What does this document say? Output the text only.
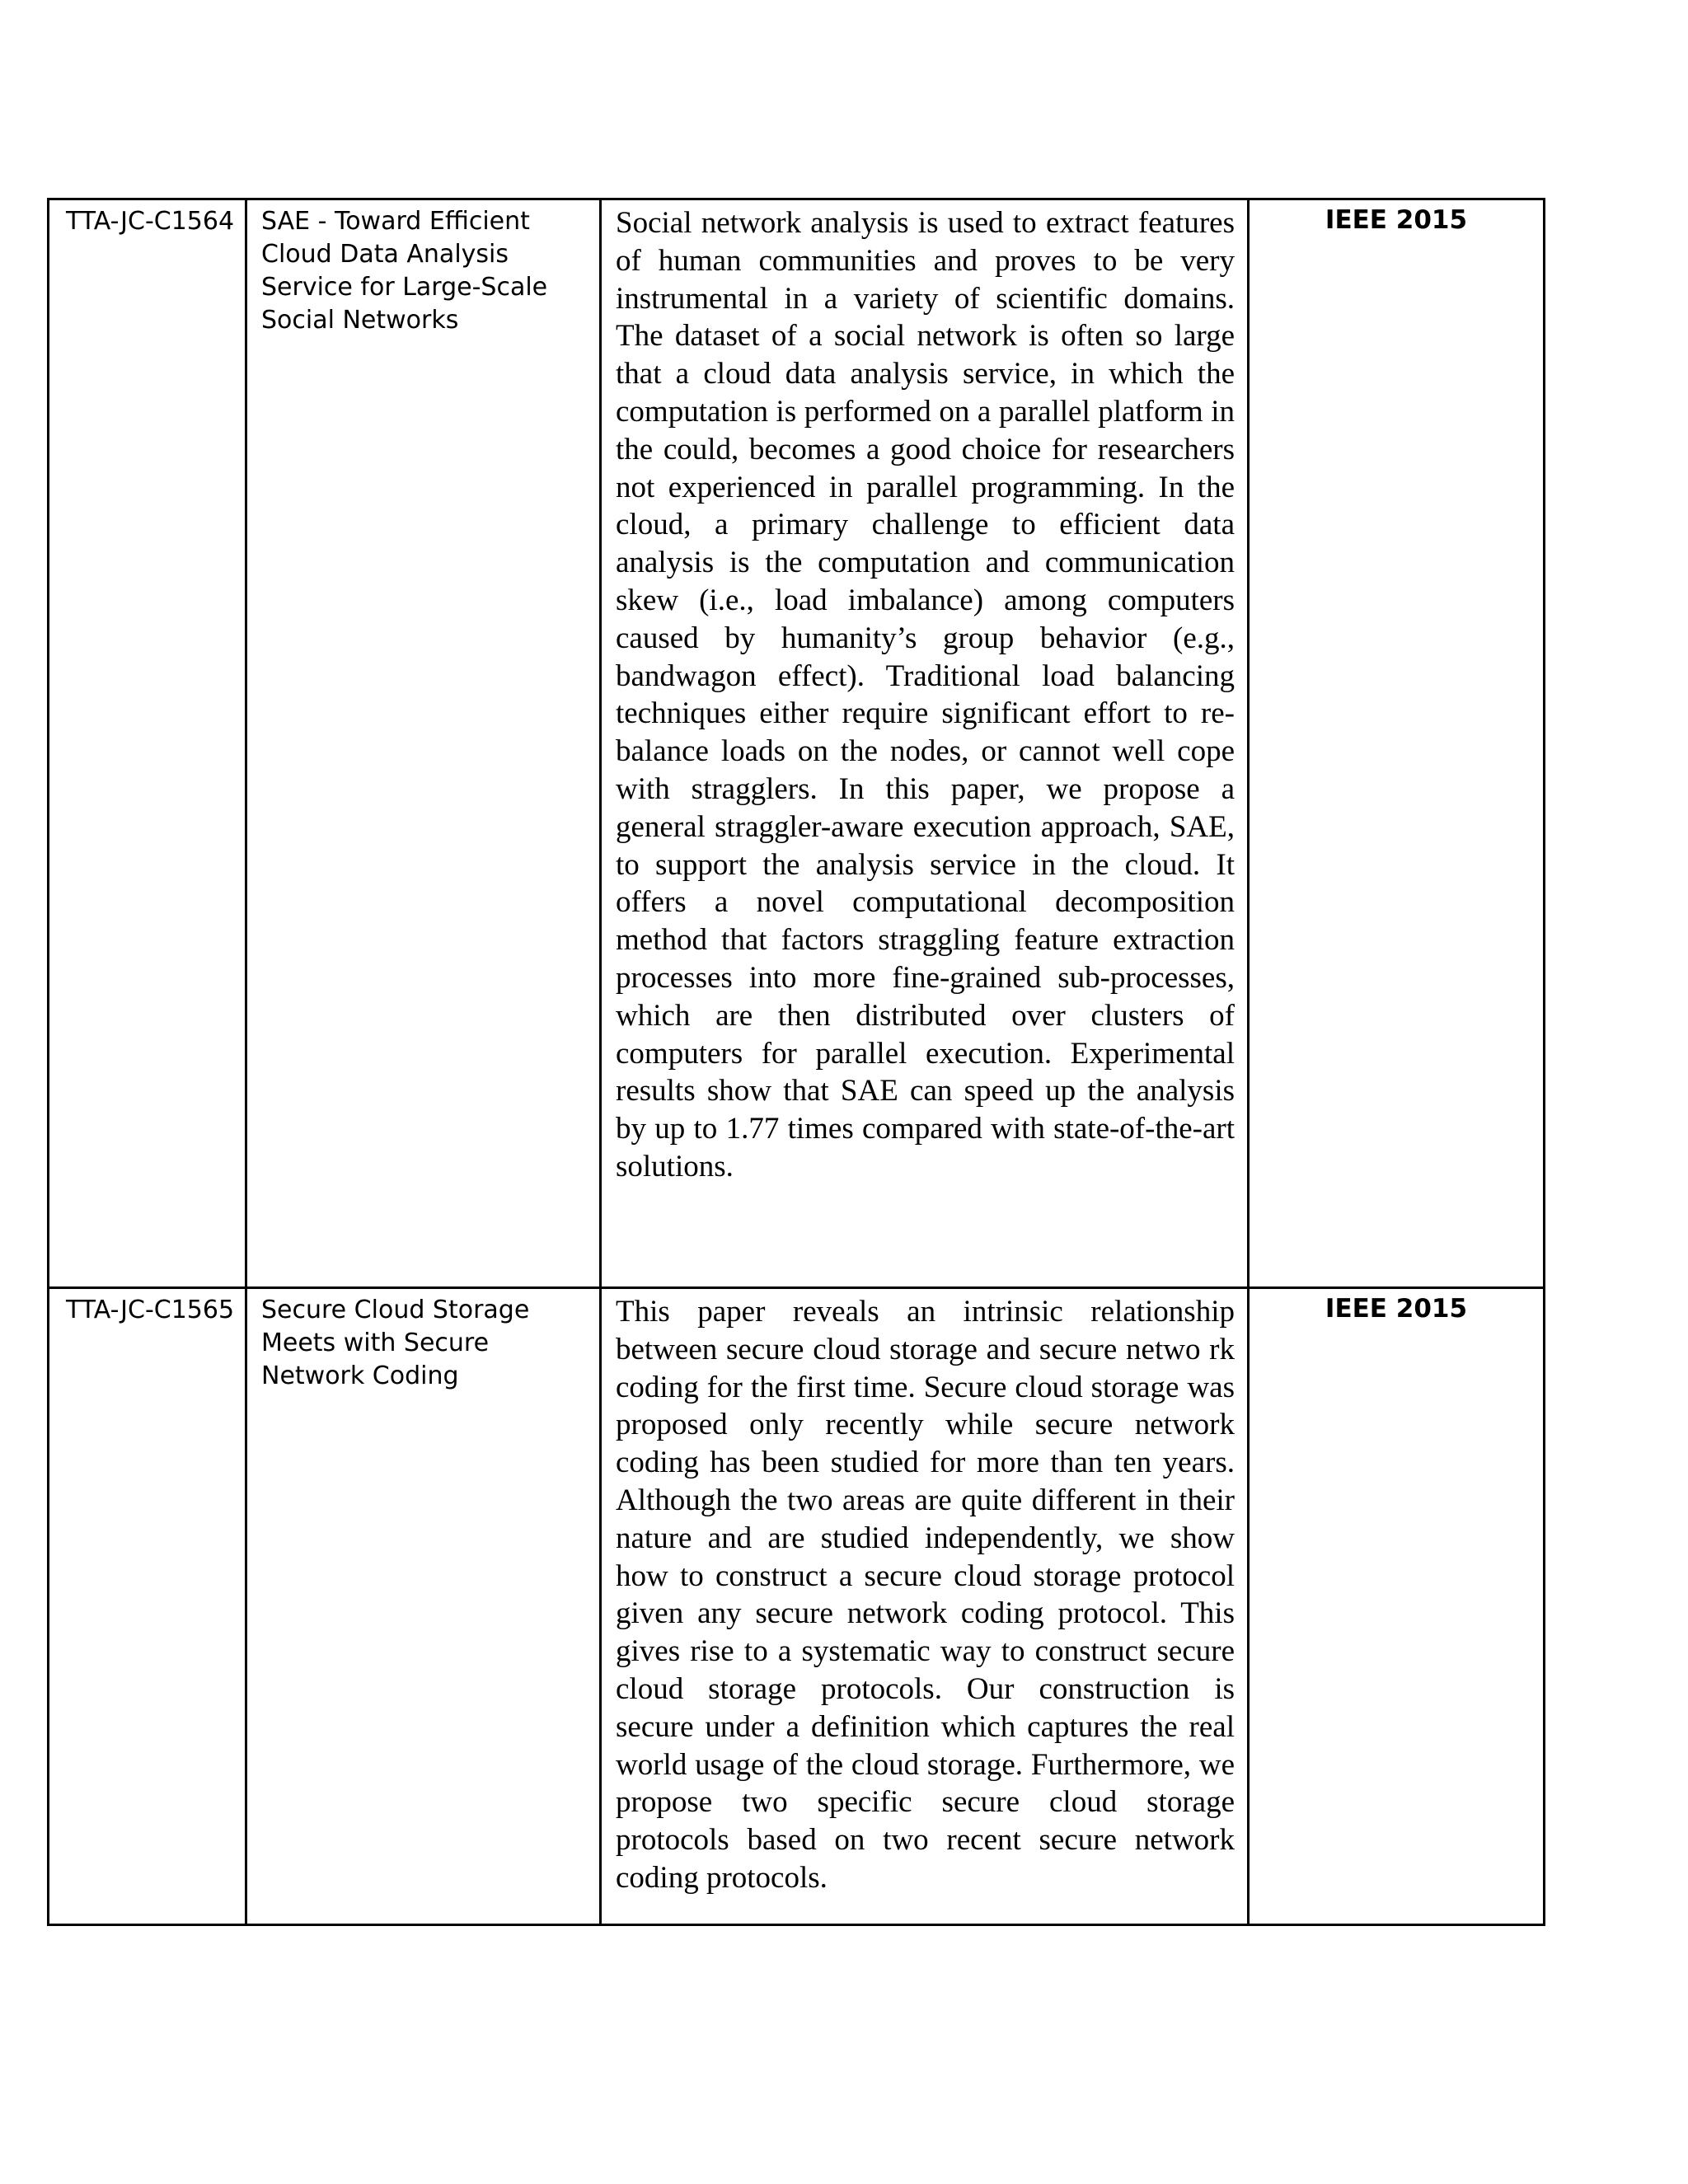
TTA-JC-C1564	SAE - Toward Efficient Cloud Data Analysis Service for Large-Scale Social Networks	Social network analysis is used to extract features of human communities and proves to be very instrumental in a variety of scientific domains. The dataset of a social network is often so large that a cloud data analysis service, in which the computation is performed on a parallel platform in the could, becomes a good choice for researchers not experienced in parallel programming. In the cloud, a primary challenge to efficient data analysis is the computation and communication skew (i.e., load imbalance) among computers caused by humanity’s group behavior (e.g., bandwagon effect). Traditional load balancing techniques either require significant effort to re-balance loads on the nodes, or cannot well cope with stragglers. In this paper, we propose a general straggler-aware execution approach, SAE, to support the analysis service in the cloud. It offers a novel computational decomposition method that factors straggling feature extraction processes into more fine-grained sub-processes, which are then distributed over clusters of computers for parallel execution. Experimental results show that SAE can speed up the analysis by up to 1.77 times compared with state-of-the-art solutions.	IEEE 2015

TTA-JC-C1565	Secure Cloud Storage Meets with Secure Network Coding	This paper reveals an intrinsic relationship between secure cloud storage and secure netwo rk coding for the first time. Secure cloud storage was proposed only recently while secure network coding has been studied for more than ten years. Although the two areas are quite different in their nature and are studied independently, we show how to construct a secure cloud storage protocol given any secure network coding protocol. This gives rise to a systematic way to construct secure cloud storage protocols. Our construction is secure under a definition which captures the real world usage of the cloud storage. Furthermore, we propose two specific secure cloud storage protocols based on two recent secure network coding protocols.	IEEE 2015
